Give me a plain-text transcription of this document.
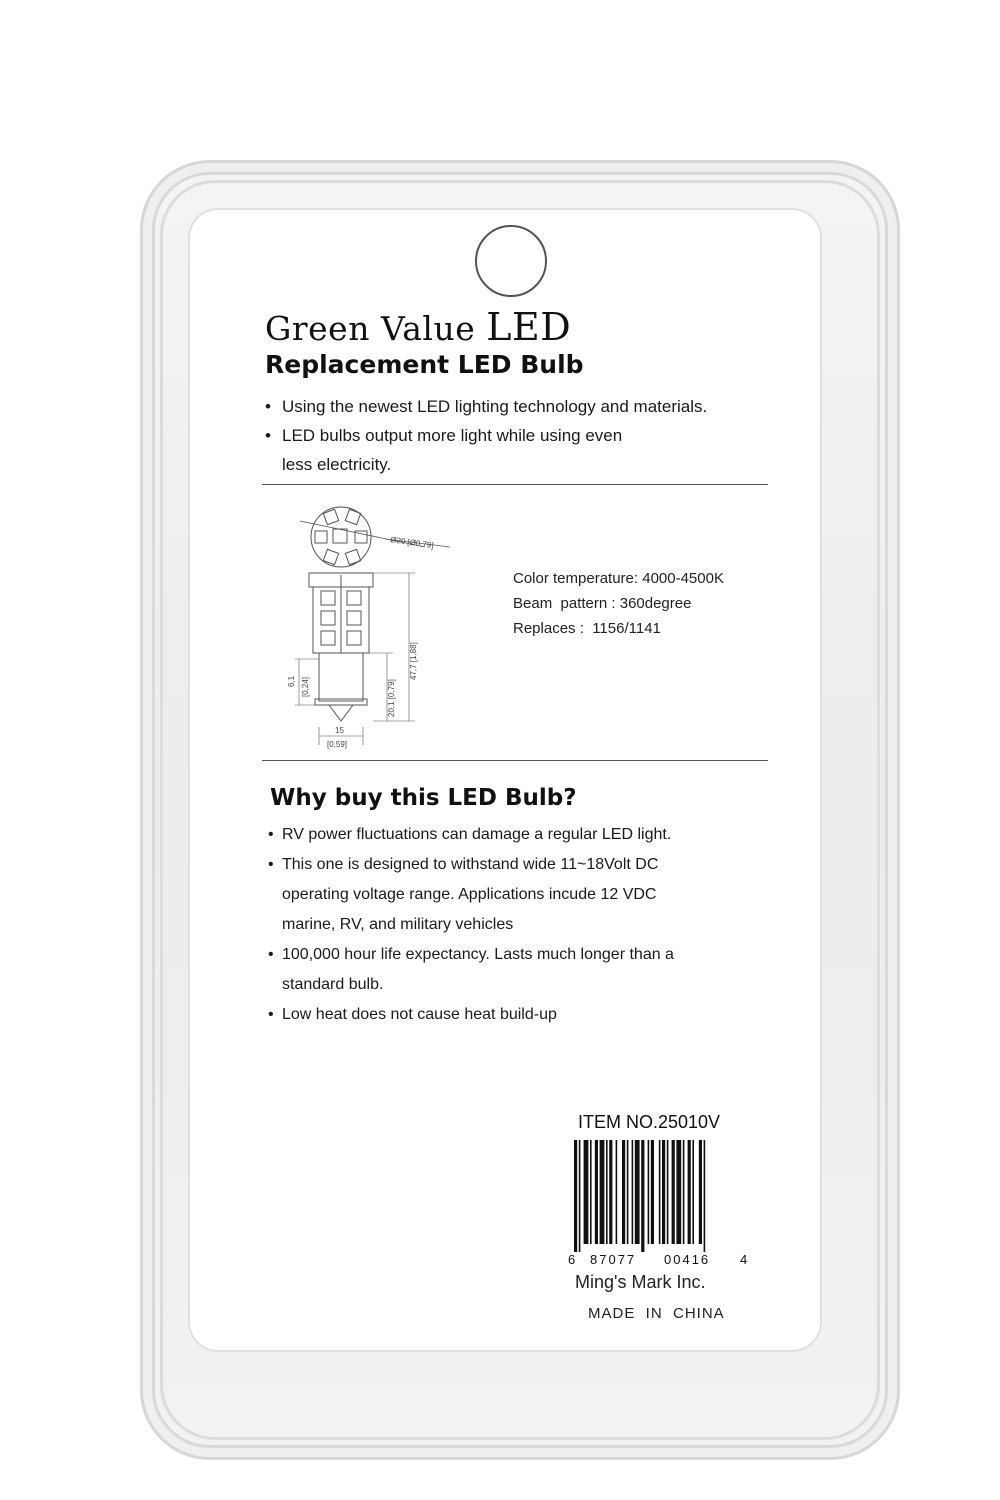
Green Value LED
Replacement LED Bulb
• Using the newest LED lighting technology and materials.
• LED bulbs output more light while using even less electricity.
Ø20 [Ø0,79]
47,7 [1,88]
20,1 [0,79]
6,1 [0,24]
15
[0,59]
Color temperature: 4000-4500K
Beam  pattern : 360degree
Replaces :  1156/1141
Why buy this LED Bulb?
• RV power fluctuations can damage a regular LED light.
• This one is designed to withstand wide 11~18Volt DC operating voltage range. Applications incude 12 VDC marine, RV, and military vehicles
• 100,000 hour life expectancy. Lasts much longer than a standard bulb.
• Low heat does not cause heat build-up
ITEM NO.25010V
6 87077 00416 4
Ming's Mark Inc.
MADE  IN  CHINA
